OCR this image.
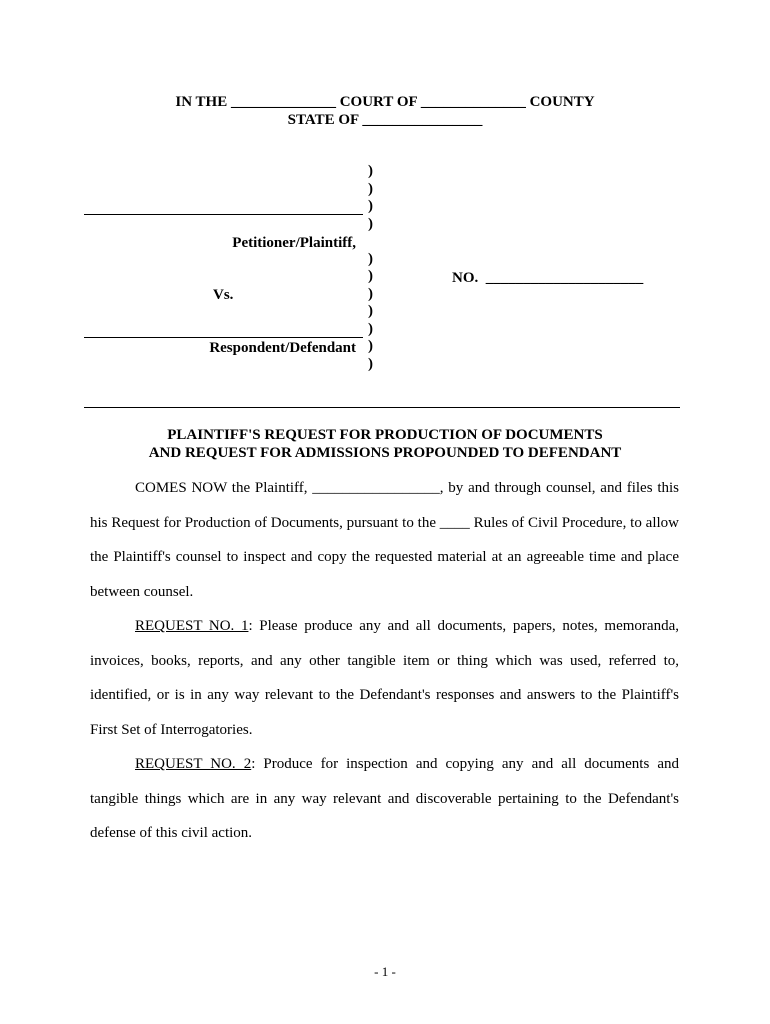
IN THE ______________ COURT OF ______________ COUNTY
STATE OF ________________
)
)
)
)

)
)
)
)
)
)
)
Petitioner/Plaintiff,
Vs.
Respondent/Defendant
NO. _____________________
PLAINTIFF'S REQUEST FOR PRODUCTION OF DOCUMENTS
AND REQUEST FOR ADMISSIONS PROPOUNDED TO DEFENDANT

COMES NOW the Plaintiff, _________________, by and through counsel, and files this his Request for Production of Documents, pursuant to the ____ Rules of Civil Procedure, to allow the Plaintiff's counsel to inspect and copy the requested material at an agreeable time and place between counsel.

REQUEST NO. 1: Please produce any and all documents, papers, notes, memoranda, invoices, books, reports, and any other tangible item or thing which was used, referred to, identified, or is in any way relevant to the Defendant's responses and answers to the Plaintiff's First Set of Interrogatories.

REQUEST NO. 2: Produce for inspection and copying any and all documents and tangible things which are in any way relevant and discoverable pertaining to the Defendant's defense of this civil action.

- 1 -
